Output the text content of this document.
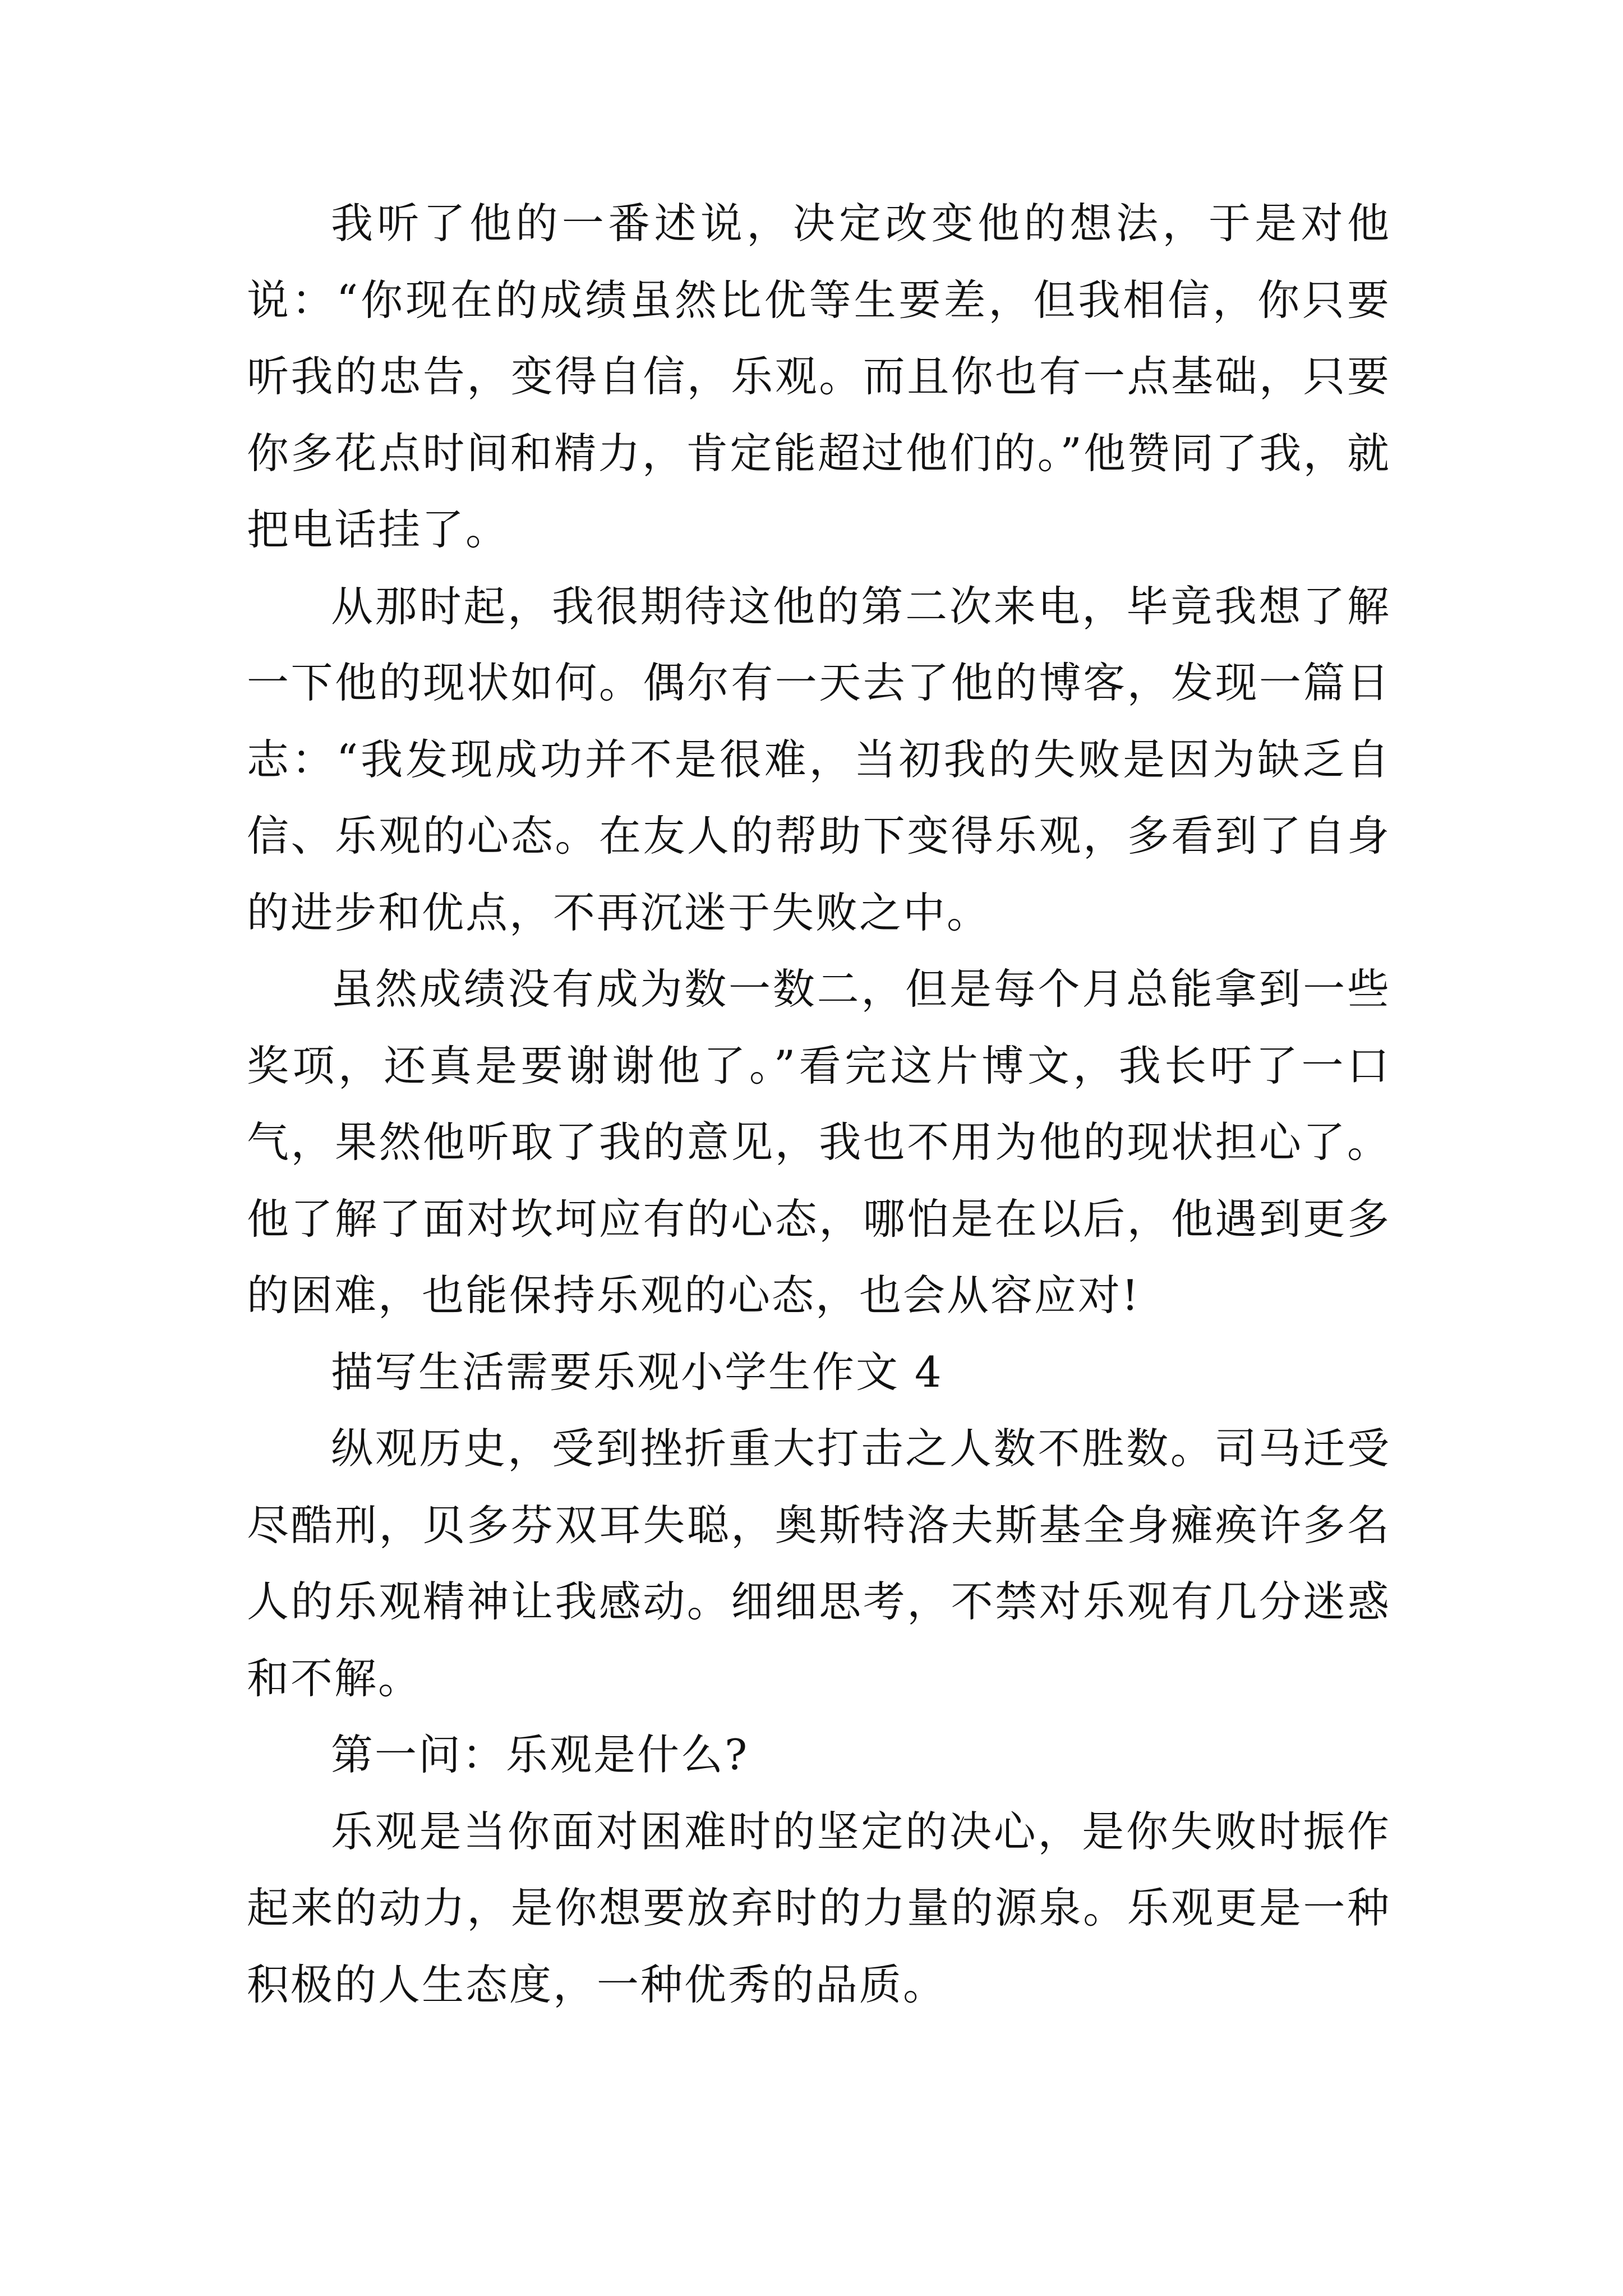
我听了他的一番述说，决定改变他的想法，于是对他说：“你现在的成绩虽然比优等生要差，但我相信，你只要听我的忠告，变得自信，乐观。而且你也有一点基础，只要你多花点时间和精力，肯定能超过他们的。”他赞同了我，就把电话挂了。

从那时起，我很期待这他的第二次来电，毕竟我想了解一下他的现状如何。偶尔有一天去了他的博客，发现一篇日志：“我发现成功并不是很难，当初我的失败是因为缺乏自信、乐观的心态。在友人的帮助下变得乐观，多看到了自身的进步和优点，不再沉迷于失败之中。

虽然成绩没有成为数一数二，但是每个月总能拿到一些奖项，还真是要谢谢他了。”看完这片博文，我长吁了一口气，果然他听取了我的意见，我也不用为他的现状担心了。他了解了面对坎坷应有的心态，哪怕是在以后，他遇到更多的困难，也能保持乐观的心态，也会从容应对!

描写生活需要乐观小学生作文 4

纵观历史，受到挫折重大打击之人数不胜数。司马迁受尽酷刑，贝多芬双耳失聪，奥斯特洛夫斯基全身瘫痪许多名人的乐观精神让我感动。细细思考，不禁对乐观有几分迷惑和不解。

第一问：乐观是什么?

乐观是当你面对困难时的坚定的决心，是你失败时振作起来的动力，是你想要放弃时的力量的源泉。乐观更是一种积极的人生态度，一种优秀的品质。
